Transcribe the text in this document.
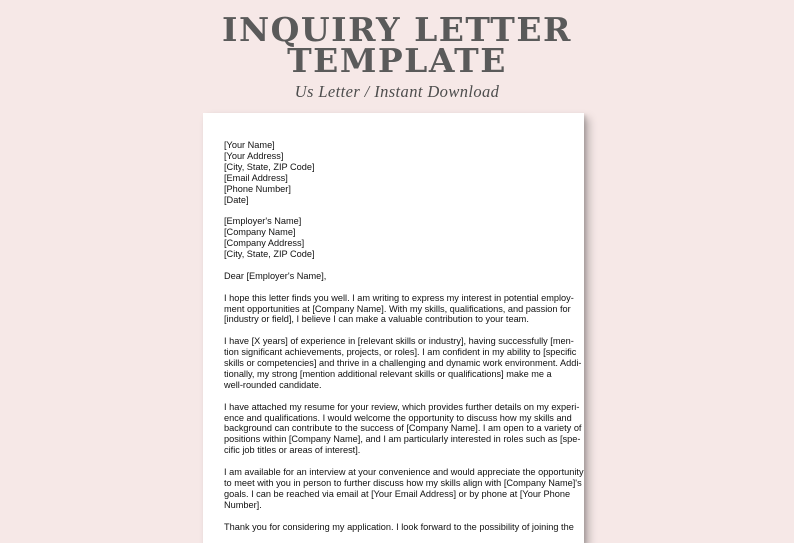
INQUIRY LETTER
TEMPLATE
Us Letter / Instant Download
[Your Name]
[Your Address]
[City, State, ZIP Code]
[Email Address]
[Phone Number]
[Date]
[Employer's Name]
[Company Name]
[Company Address]
[City, State, ZIP Code]
Dear [Employer's Name],
I hope this letter finds you well. I am writing to express my interest in potential employ-
ment opportunities at [Company Name]. With my skills, qualifications, and passion for
[industry or field], I believe I can make a valuable contribution to your team.
I have [X years] of experience in [relevant skills or industry], having successfully [men-
tion significant achievements, projects, or roles]. I am confident in my ability to [specific
skills or competencies] and thrive in a challenging and dynamic work environment. Addi-
tionally, my strong [mention additional relevant skills or qualifications] make me a
well-rounded candidate.
I have attached my resume for your review, which provides further details on my experi-
ence and qualifications. I would welcome the opportunity to discuss how my skills and
background can contribute to the success of [Company Name]. I am open to a variety of
positions within [Company Name], and I am particularly interested in roles such as [spe-
cific job titles or areas of interest].
I am available for an interview at your convenience and would appreciate the opportunity
to meet with you in person to further discuss how my skills align with [Company Name]'s
goals. I can be reached via email at [Your Email Address] or by phone at [Your Phone
Number].
Thank you for considering my application. I look forward to the possibility of joining the
